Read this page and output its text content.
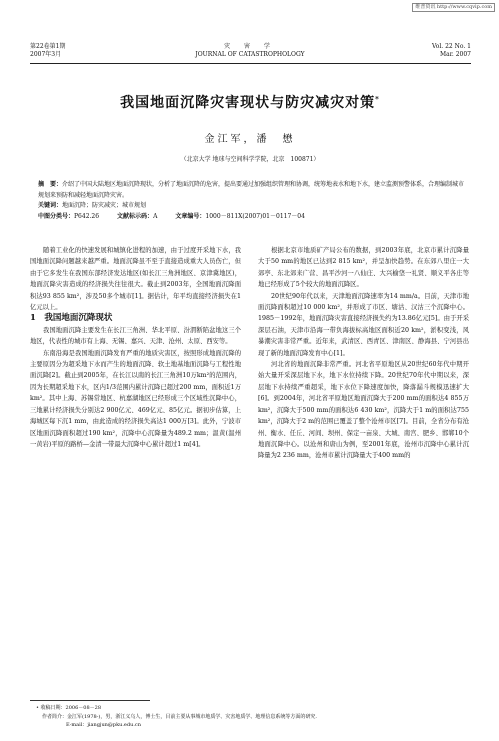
维普资讯 http://www.cqvip.com
第22卷第1期
2007年3月
灾 害 学
JOURNAL OF CATASTROPHOLOGY
Vol. 22 No. 1
Mar. 2007
我国地面沉降灾害现状与防灾减灾对策*
金江军，潘　懋
（北京大学 地球与空间科学学院，北京　100871）
摘　要：介绍了中国大陆地区地面沉降现状，分析了地面沉降的危害，提出要通过加强组织管理和协调，统筹地表水和地下水，建立监测预警体系，合理编制城市规划来预防和减轻地面沉降灾害。
关键词：地面沉降；防灾减灾；城市规划
中图分类号：P642.26	文献标示码：A	文章编号：1000－811X(2007)01－0117－04

随着工业化的快速发展和城镇化进程的加速，由于过度开采地下水，我国地面沉降问题越来越严重。地面沉降虽不至于直接造成重大人员伤亡，但由于它多发生在我国东部经济发达地区(如长江三角洲地区、京津冀地区)，地面沉降灾害造成的经济损失往往很大。截止到2003年，全国地面沉降面积达93 855 km²，涉及50多个城市[1]。据估计，年平均直接经济损失在1亿元以上。

1　我国地面沉降现状

我国地面沉降主要发生在长江三角洲、华北平原、汾渭断陷盆地这三个地区，代表性的城市有上海、无锡、嘉兴、天津、沧州、太原、西安等。

东南沿海是我国地面沉降发育严重的地质灾害区，按照形成地面沉降的主要原因分为超采地下水而产生的地面沉降、软土地基地面沉降与工程性地面沉降[2]。截止到2005年，在长江以南的长江三角洲10万km²的范围内，因为长期超采地下水，区内1/3范围内累计沉降已超过200 mm，面积近1万km²。其中上海、苏锡常地区、杭嘉湖地区已经形成三个区域性沉降中心，三地累计经济损失分别达2 900亿元、469亿元、85亿元。据初步估算，上海城区每下沉1 mm，由此造成的经济损失高达1 000万[3]。此外，宁波市区地面沉降面积超过190 km²，沉降中心沉降量为489.2 mm；温黄(温州一黄岩)平原的路桥—金清一带最大沉降中心累计超过1 m[4]。

根据北京市地质矿产局公布的数据，到2003年底，北京市累计沉降量大于50 mm的地区已达到2 815 km²，并呈加快趋势。在东郊八里庄一大郊亭、东北郊来广营、昌平沙河一八仙庄、大兴榆垡一礼贤、顺义平各庄等地已经形成了5个较大的地面沉降区。

20世纪90年代以来，天津地面沉降速率为14 mm/a。目前，天津市地面沉降面积超过10 000 km²，并形成了市区、塘沽、汉沽三个沉降中心。1985－1992年，地面沉降灾害直接经济损失约为13.86亿元[5]。由于开采深层石油，天津市沿海一带负海拔标高地区面积近20 km²，淤积变浅，风暴潮灾害非常严重。近年来，武清区、西青区、津南区、静海县、宁河县出现了新的地面沉降发育中心[1]。

河北省的地面沉降非常严重。河北省平原地区从20世纪60年代中期开始大量开采深层地下水，地下水位持续下降。20世纪70年代中期以来，深层地下水持续严重超采，地下水位下降速度加快，降落漏斗规模迅速扩大[6]。到2004年，河北省平原地区地面沉降大于200 mm的面积达4 855万km²，沉降大于500 mm的面积达6 430 km²，沉降大于1 m的面积达755 km²，沉降大于2 m的范围已覆盖了整个沧州市区[7]。目前，全省分布有沧州、衡水、任丘、河间、坝州、保定一亩泉、大城、南宫、肥乡、邯郸10个地面沉降中心。以沧州和唐山为例，至2001年底，沧州市沉降中心累计沉降量为2 236 mm，沧州市累计沉降量大于400 mm的

• 收稿日期：2006－08－28
作者简介：金江军(1978-)，男，浙江义乌人，博士生，目前主要从事城市地质学、灾害地质学、地理信息系统等方面的研究.
E-mail：jiangjun@pku.edu.cn
